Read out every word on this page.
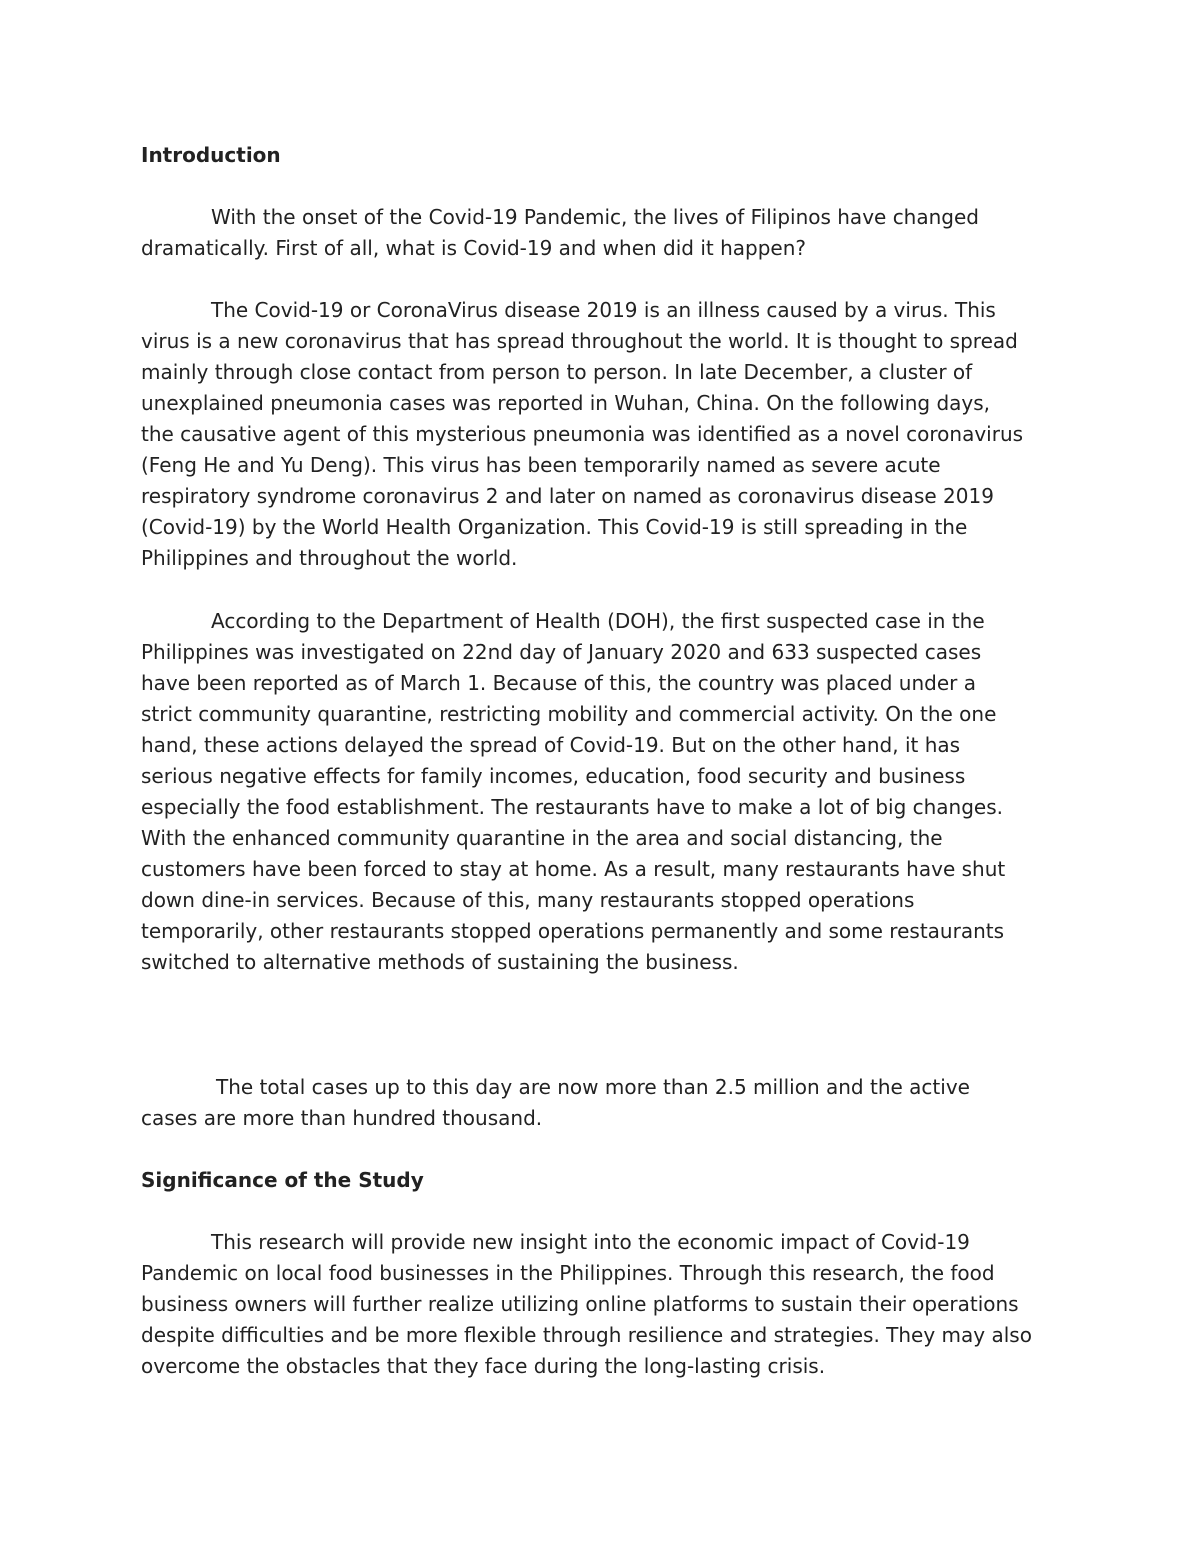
Introduction
With the onset of the Covid-19 Pandemic, the lives of Filipinos have changed
dramatically. First of all, what is Covid-19 and when did it happen?
The Covid-19 or CoronaVirus disease 2019 is an illness caused by a virus. This
virus is a new coronavirus that has spread throughout the world. It is thought to spread
mainly through close contact from person to person. In late December, a cluster of
unexplained pneumonia cases was reported in Wuhan, China. On the following days,
the causative agent of this mysterious pneumonia was identified as a novel coronavirus
(Feng He and Yu Deng). This virus has been temporarily named as severe acute
respiratory syndrome coronavirus 2 and later on named as coronavirus disease 2019
(Covid-19) by the World Health Organization. This Covid-19 is still spreading in the
Philippines and throughout the world.
According to the Department of Health (DOH), the first suspected case in the
Philippines was investigated on 22nd day of January 2020 and 633 suspected cases
have been reported as of March 1. Because of this, the country was placed under a
strict community quarantine, restricting mobility and commercial activity. On the one
hand, these actions delayed the spread of Covid-19. But on the other hand, it has
serious negative effects for family incomes, education, food security and business
especially the food establishment. The restaurants have to make a lot of big changes.
With the enhanced community quarantine in the area and social distancing, the
customers have been forced to stay at home. As a result, many restaurants have shut
down dine-in services. Because of this, many restaurants stopped operations
temporarily, other restaurants stopped operations permanently and some restaurants
switched to alternative methods of sustaining the business.
The total cases up to this day are now more than 2.5 million and the active
cases are more than hundred thousand.
Significance of the Study
This research will provide new insight into the economic impact of Covid-19
Pandemic on local food businesses in the Philippines. Through this research, the food
business owners will further realize utilizing online platforms to sustain their operations
despite difficulties and be more flexible through resilience and strategies. They may also
overcome the obstacles that they face during the long-lasting crisis.
